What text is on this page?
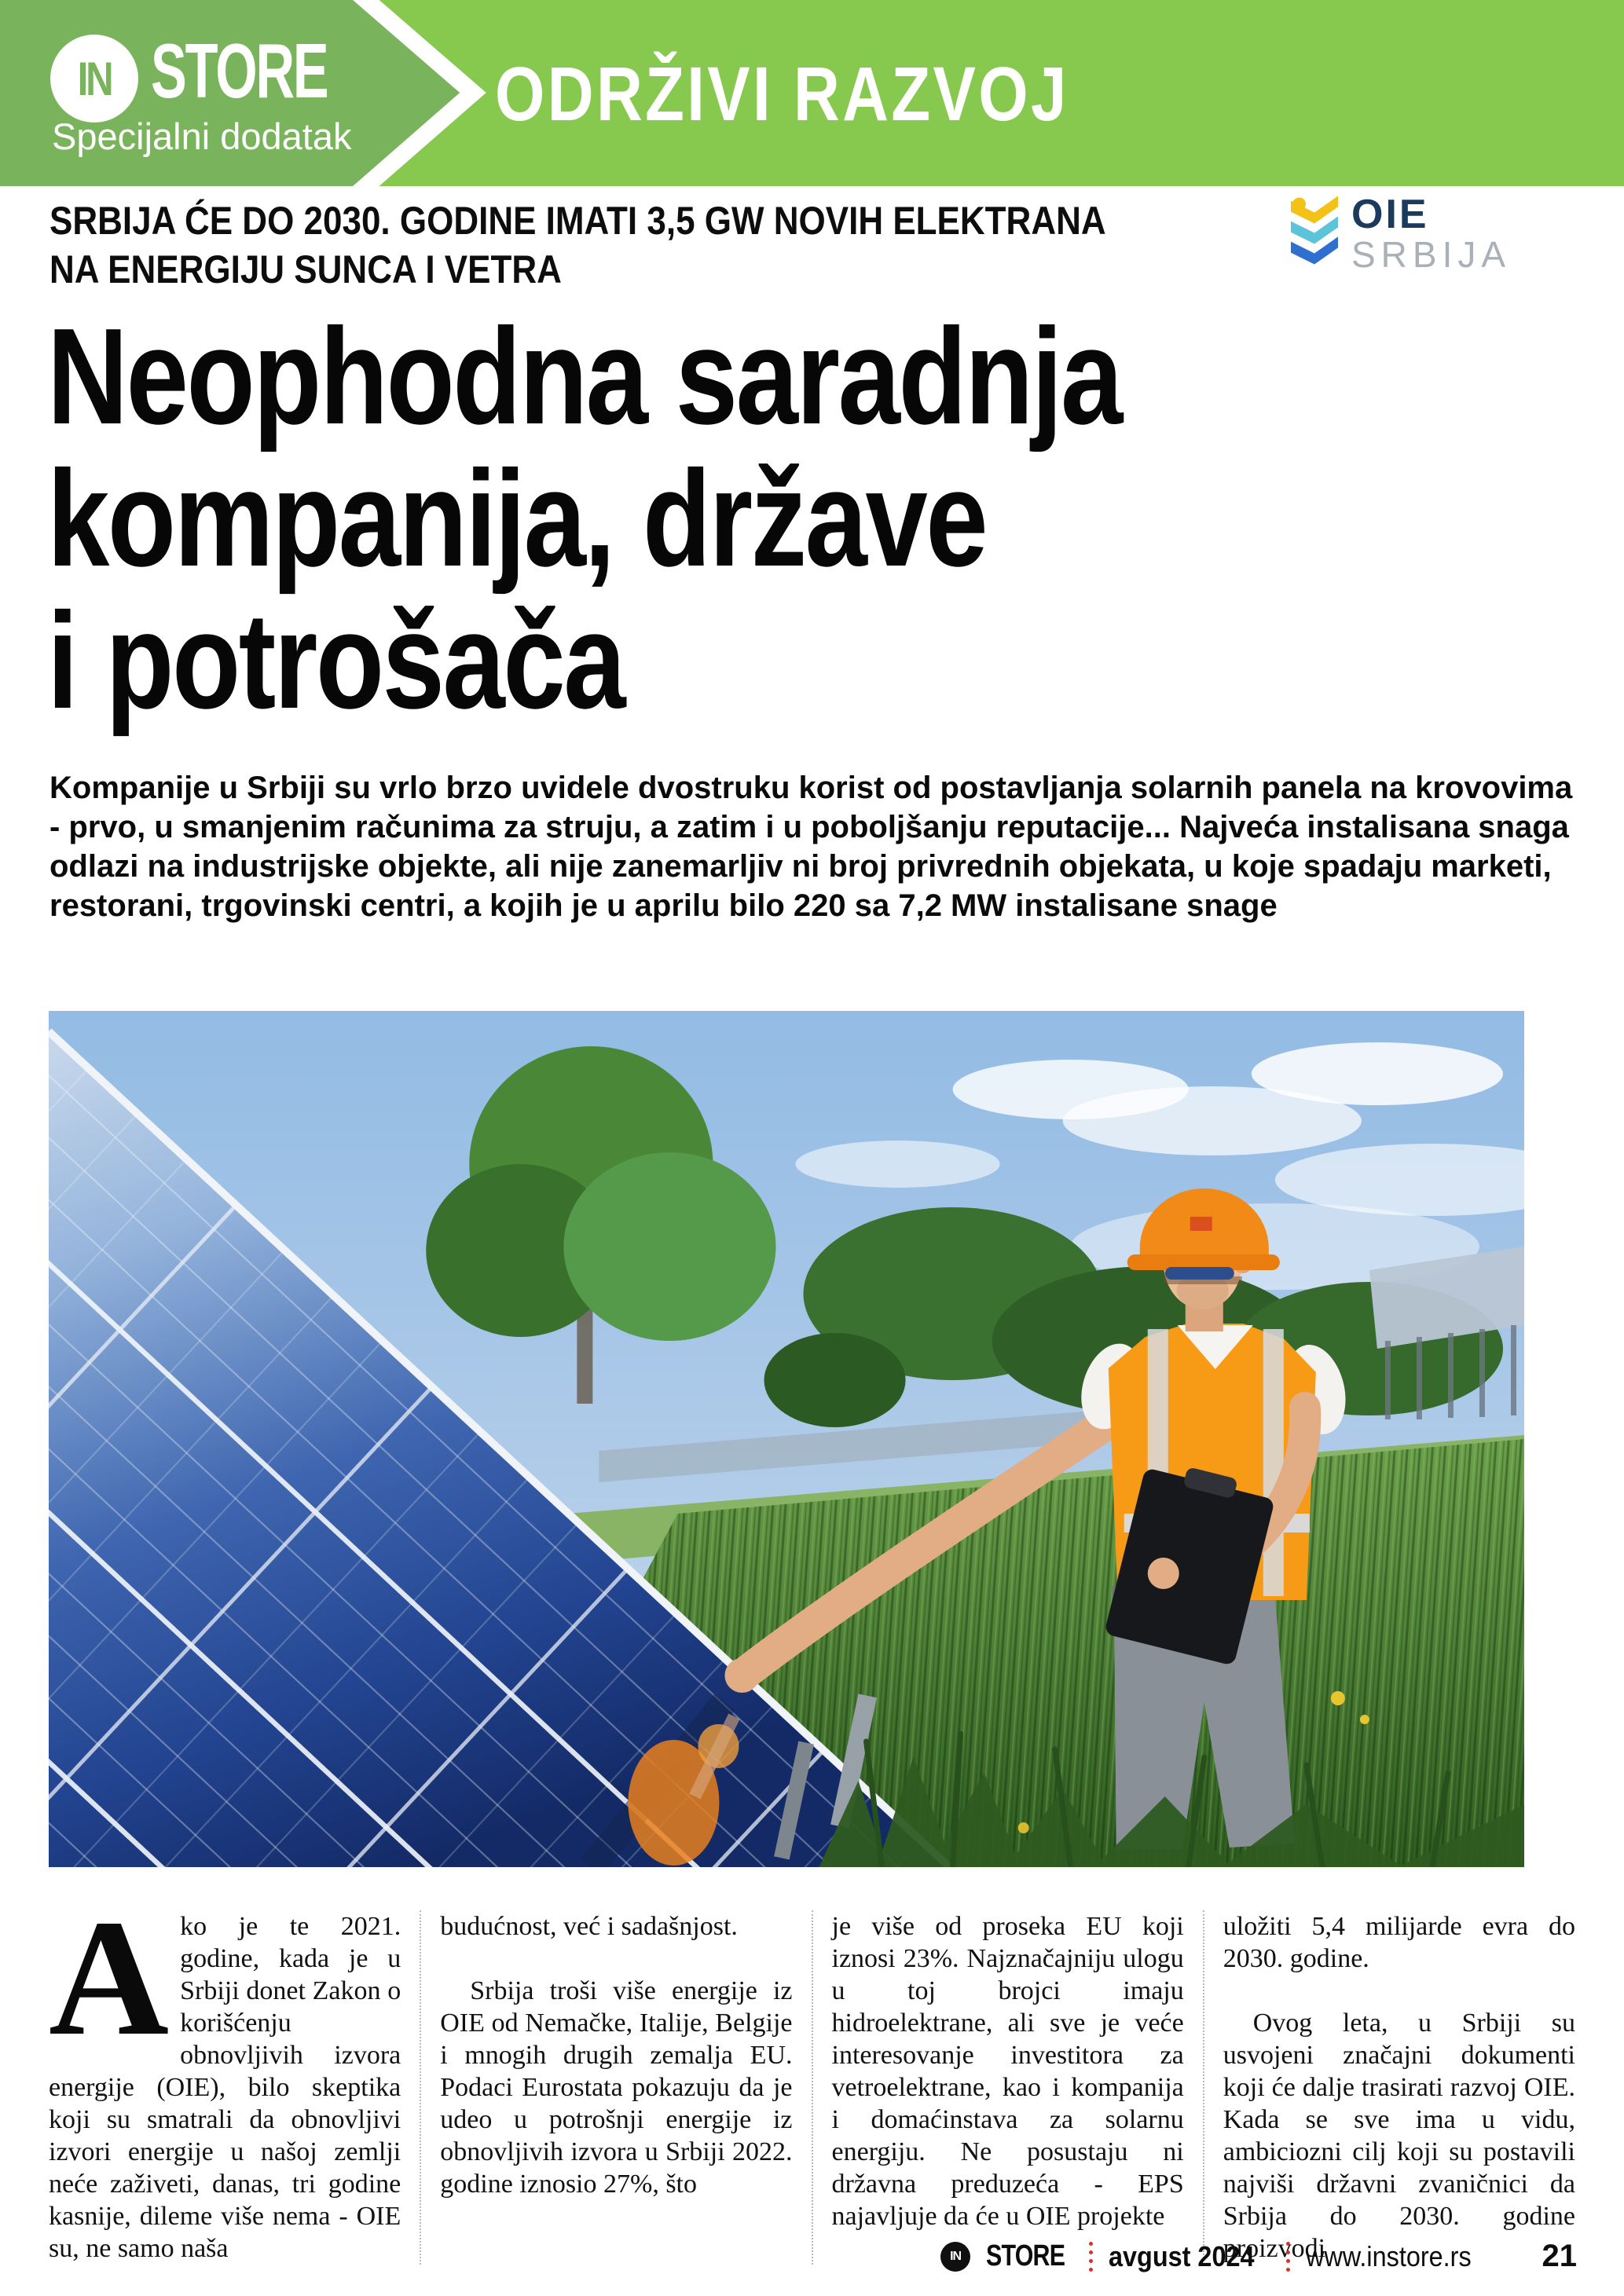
IN STORE
Specijalni dodatak ODRŽIVI RAZVOJ
SRBIJA ĆE DO 2030. GODINE IMATI 3,5 GW NOVIH ELEKTRANA
NA ENERGIJU SUNCA I VETRA
OIE
SRBIJA
Neophodna saradnja
kompanija, države
i potrošača

Kompanije u Srbiji su vrlo brzo uvidele dvostruku korist od postavljanja solarnih panela na krovovima - prvo, u smanjenim računima za struju, a zatim i u poboljšanju reputacije... Najveća instalisana snaga odlazi na industrijske objekte, ali nije zanemarljiv ni broj privrednih objekata, u koje spadaju marketi, restorani, trgovinski centri, a kojih je u aprilu bilo 220 sa 7,2 MW instalisane snage

A ko je te 2021. godine, kada je u Srbiji donet Zakon o korišćenju obnovljivih izvora energije (OIE), bilo skeptika koji su smatrali da obnovljivi izvori energije u našoj zemlji neće zaživeti, danas, tri godine kasnije, dileme više nema - OIE su, ne samo naša

budućnost, već i sadašnjost.

Srbija troši više energije iz OIE od Nemačke, Italije, Belgije i mnogih drugih zemalja EU. Podaci Eurostata pokazuju da je udeo u potrošnji energije iz obnovljivih izvora u Srbiji 2022. godine iznosio 27%, što

je više od proseka EU koji iznosi 23%. Najznačajniju ulogu u toj brojci imaju hidroelektrane, ali sve je veće interesovanje investitora za vetroelektrane, kao i kompanija i domaćinstava za solarnu energiju. Ne posustaju ni državna preduzeća - EPS najavljuje da će u OIE projekte

uložiti 5,4 milijarde evra do 2030. godine.

Ovog leta, u Srbiji su usvojeni značajni dokumenti koji će dalje trasirati razvoj OIE. Kada se sve ima u vidu, ambiciozni cilj koji su postavili najviši državni zvaničnici da Srbija do 2030. godine proizvodi

IN STORE avgust 2024 www.instore.rs 21
